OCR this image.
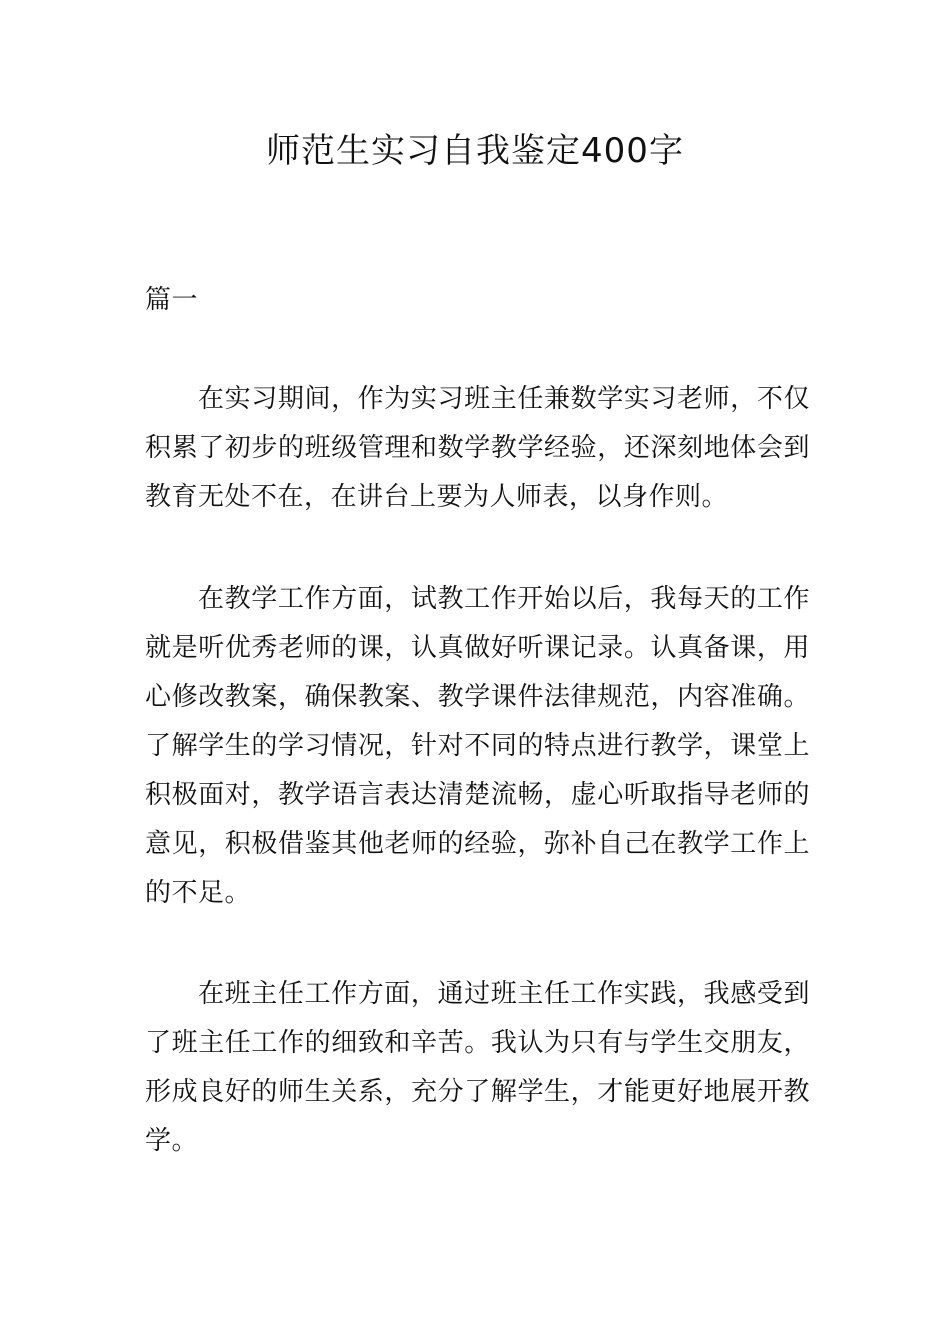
师范生实习自我鉴定400字

篇一

在实习期间，作为实习班主任兼数学实习老师，不仅积累了初步的班级管理和数学教学经验，还深刻地体会到教育无处不在，在讲台上要为人师表，以身作则。

在教学工作方面，试教工作开始以后，我每天的工作就是听优秀老师的课，认真做好听课记录。认真备课，用心修改教案，确保教案、教学课件法律规范，内容准确。了解学生的学习情况，针对不同的特点进行教学，课堂上积极面对，教学语言表达清楚流畅，虚心听取指导老师的意见，积极借鉴其他老师的经验，弥补自己在教学工作上的不足。

在班主任工作方面，通过班主任工作实践，我感受到了班主任工作的细致和辛苦。我认为只有与学生交朋友，形成良好的师生关系，充分了解学生，才能更好地展开教学。
